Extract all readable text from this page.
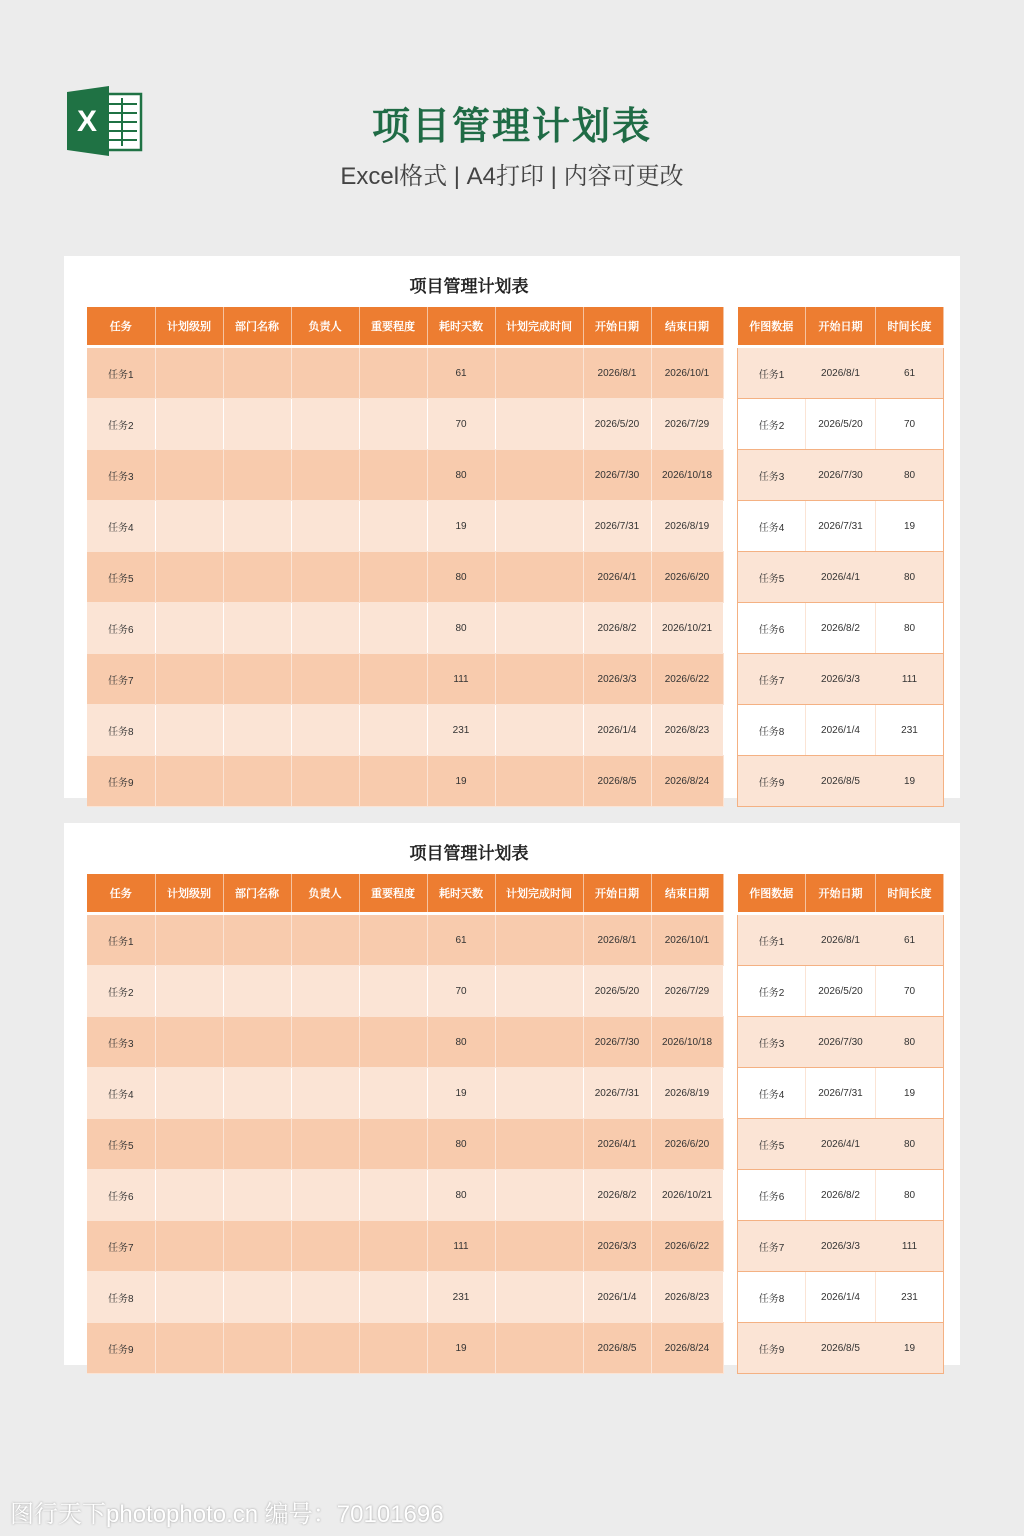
X	项目管理计划表
Excel格式 | A4打印 | 内容可更改
项目管理计划表
任务	计划级别	部门名称	负责人	重要程度	耗时天数	计划完成时间	开始日期	结束日期
任务1					61		2026/8/1	2026/10/1
任务2					70		2026/5/20	2026/7/29
任务3					80		2026/7/30	2026/10/18
任务4					19		2026/7/31	2026/8/19
任务5					80		2026/4/1	2026/6/20
任务6					80		2026/8/2	2026/10/21
任务7					111		2026/3/3	2026/6/22
任务8					231		2026/1/4	2026/8/23
任务9					19		2026/8/5	2026/8/24
作图数据	开始日期	时间长度
任务1	2026/8/1	61
任务2	2026/5/20	70
任务3	2026/7/30	80
任务4	2026/7/31	19
任务5	2026/4/1	80
任务6	2026/8/2	80
任务7	2026/3/3	111
任务8	2026/1/4	231
任务9	2026/8/5	19
项目管理计划表
任务	计划级别	部门名称	负责人	重要程度	耗时天数	计划完成时间	开始日期	结束日期
任务1					61		2026/8/1	2026/10/1
任务2					70		2026/5/20	2026/7/29
任务3					80		2026/7/30	2026/10/18
任务4					19		2026/7/31	2026/8/19
任务5					80		2026/4/1	2026/6/20
任务6					80		2026/8/2	2026/10/21
任务7					111		2026/3/3	2026/6/22
任务8					231		2026/1/4	2026/8/23
任务9					19		2026/8/5	2026/8/24
作图数据	开始日期	时间长度
任务1	2026/8/1	61
任务2	2026/5/20	70
任务3	2026/7/30	80
任务4	2026/7/31	19
任务5	2026/4/1	80
任务6	2026/8/2	80
任务7	2026/3/3	111
任务8	2026/1/4	231
任务9	2026/8/5	19
图行天下photophoto.cn 编号：70101696
